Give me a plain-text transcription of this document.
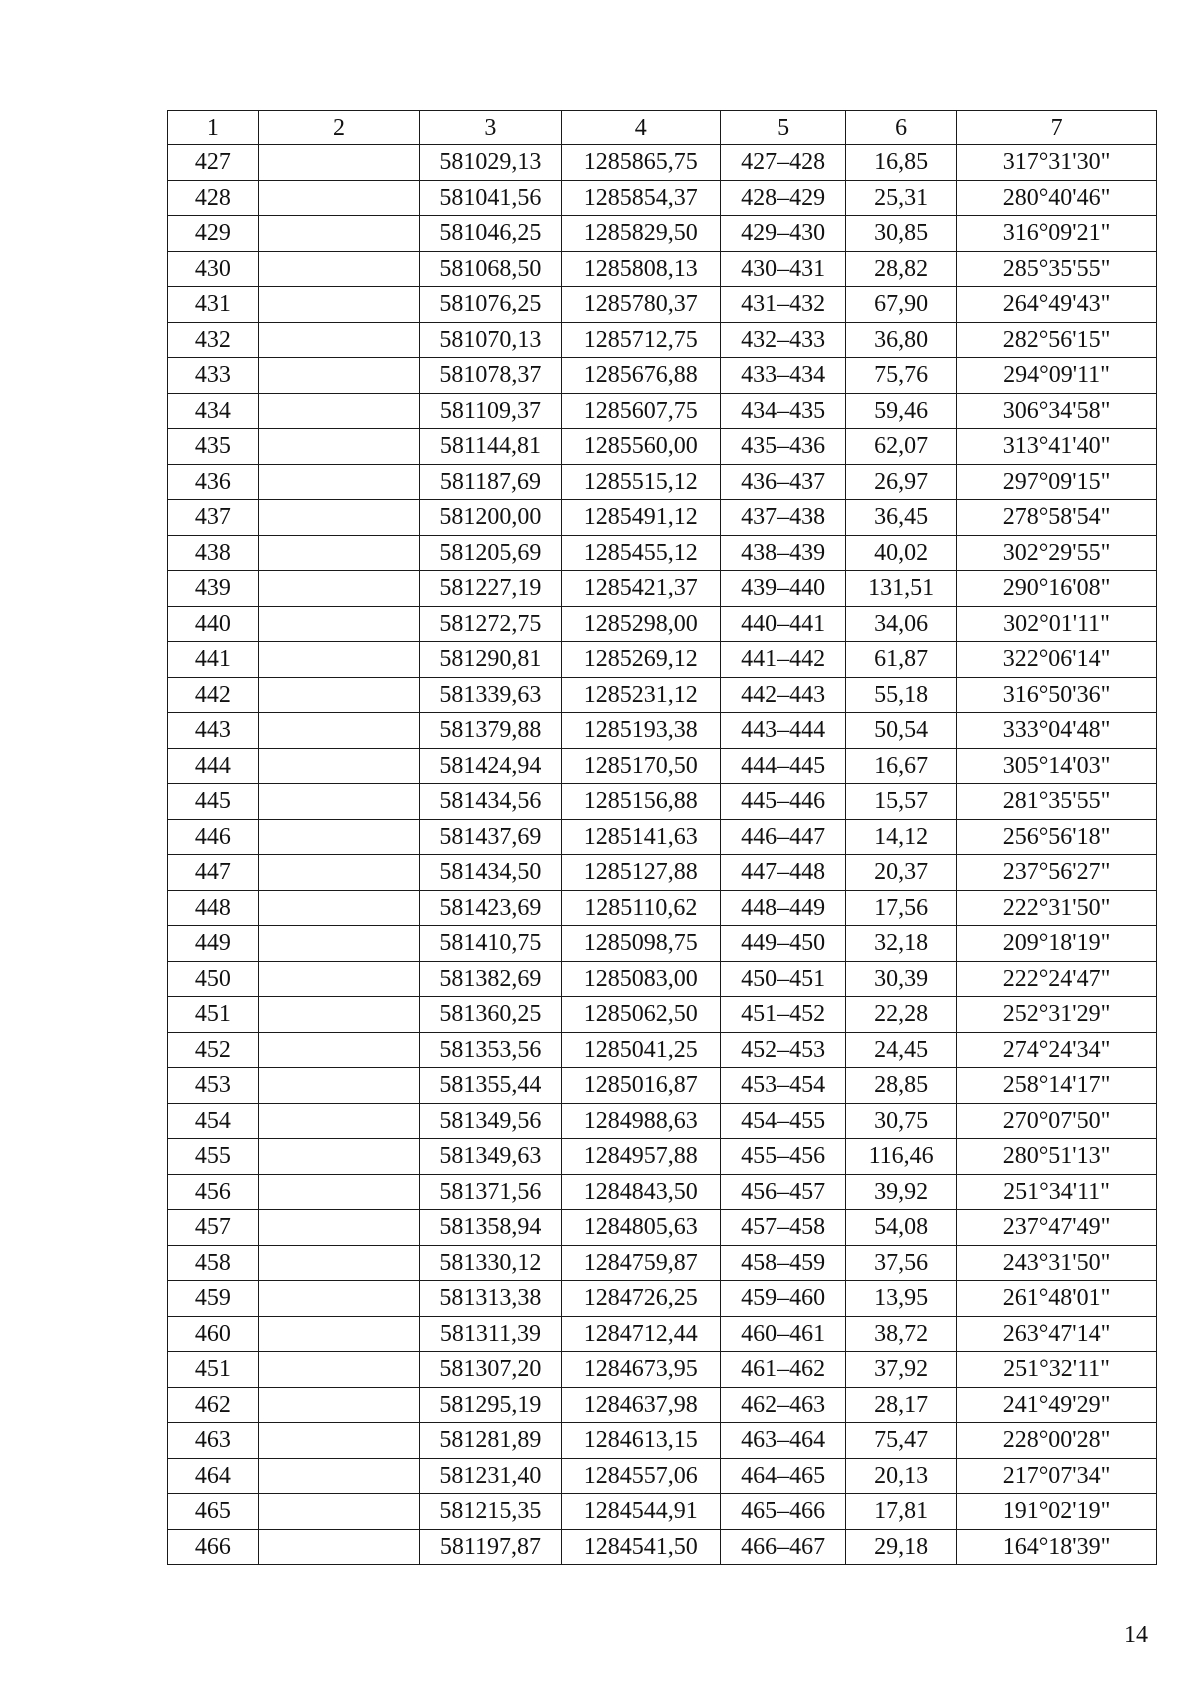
1	2	3	4	5	6	7
427		581029,13	1285865,75	427–428	16,85	317°31'30"
428		581041,56	1285854,37	428–429	25,31	280°40'46"
429		581046,25	1285829,50	429–430	30,85	316°09'21"
430		581068,50	1285808,13	430–431	28,82	285°35'55"
431		581076,25	1285780,37	431–432	67,90	264°49'43"
432		581070,13	1285712,75	432–433	36,80	282°56'15"
433		581078,37	1285676,88	433–434	75,76	294°09'11"
434		581109,37	1285607,75	434–435	59,46	306°34'58"
435		581144,81	1285560,00	435–436	62,07	313°41'40"
436		581187,69	1285515,12	436–437	26,97	297°09'15"
437		581200,00	1285491,12	437–438	36,45	278°58'54"
438		581205,69	1285455,12	438–439	40,02	302°29'55"
439		581227,19	1285421,37	439–440	131,51	290°16'08"
440		581272,75	1285298,00	440–441	34,06	302°01'11"
441		581290,81	1285269,12	441–442	61,87	322°06'14"
442		581339,63	1285231,12	442–443	55,18	316°50'36"
443		581379,88	1285193,38	443–444	50,54	333°04'48"
444		581424,94	1285170,50	444–445	16,67	305°14'03"
445		581434,56	1285156,88	445–446	15,57	281°35'55"
446		581437,69	1285141,63	446–447	14,12	256°56'18"
447		581434,50	1285127,88	447–448	20,37	237°56'27"
448		581423,69	1285110,62	448–449	17,56	222°31'50"
449		581410,75	1285098,75	449–450	32,18	209°18'19"
450		581382,69	1285083,00	450–451	30,39	222°24'47"
451		581360,25	1285062,50	451–452	22,28	252°31'29"
452		581353,56	1285041,25	452–453	24,45	274°24'34"
453		581355,44	1285016,87	453–454	28,85	258°14'17"
454		581349,56	1284988,63	454–455	30,75	270°07'50"
455		581349,63	1284957,88	455–456	116,46	280°51'13"
456		581371,56	1284843,50	456–457	39,92	251°34'11"
457		581358,94	1284805,63	457–458	54,08	237°47'49"
458		581330,12	1284759,87	458–459	37,56	243°31'50"
459		581313,38	1284726,25	459–460	13,95	261°48'01"
460		581311,39	1284712,44	460–461	38,72	263°47'14"
451		581307,20	1284673,95	461–462	37,92	251°32'11"
462		581295,19	1284637,98	462–463	28,17	241°49'29"
463		581281,89	1284613,15	463–464	75,47	228°00'28"
464		581231,40	1284557,06	464–465	20,13	217°07'34"
465		581215,35	1284544,91	465–466	17,81	191°02'19"
466		581197,87	1284541,50	466–467	29,18	164°18'39"
14
